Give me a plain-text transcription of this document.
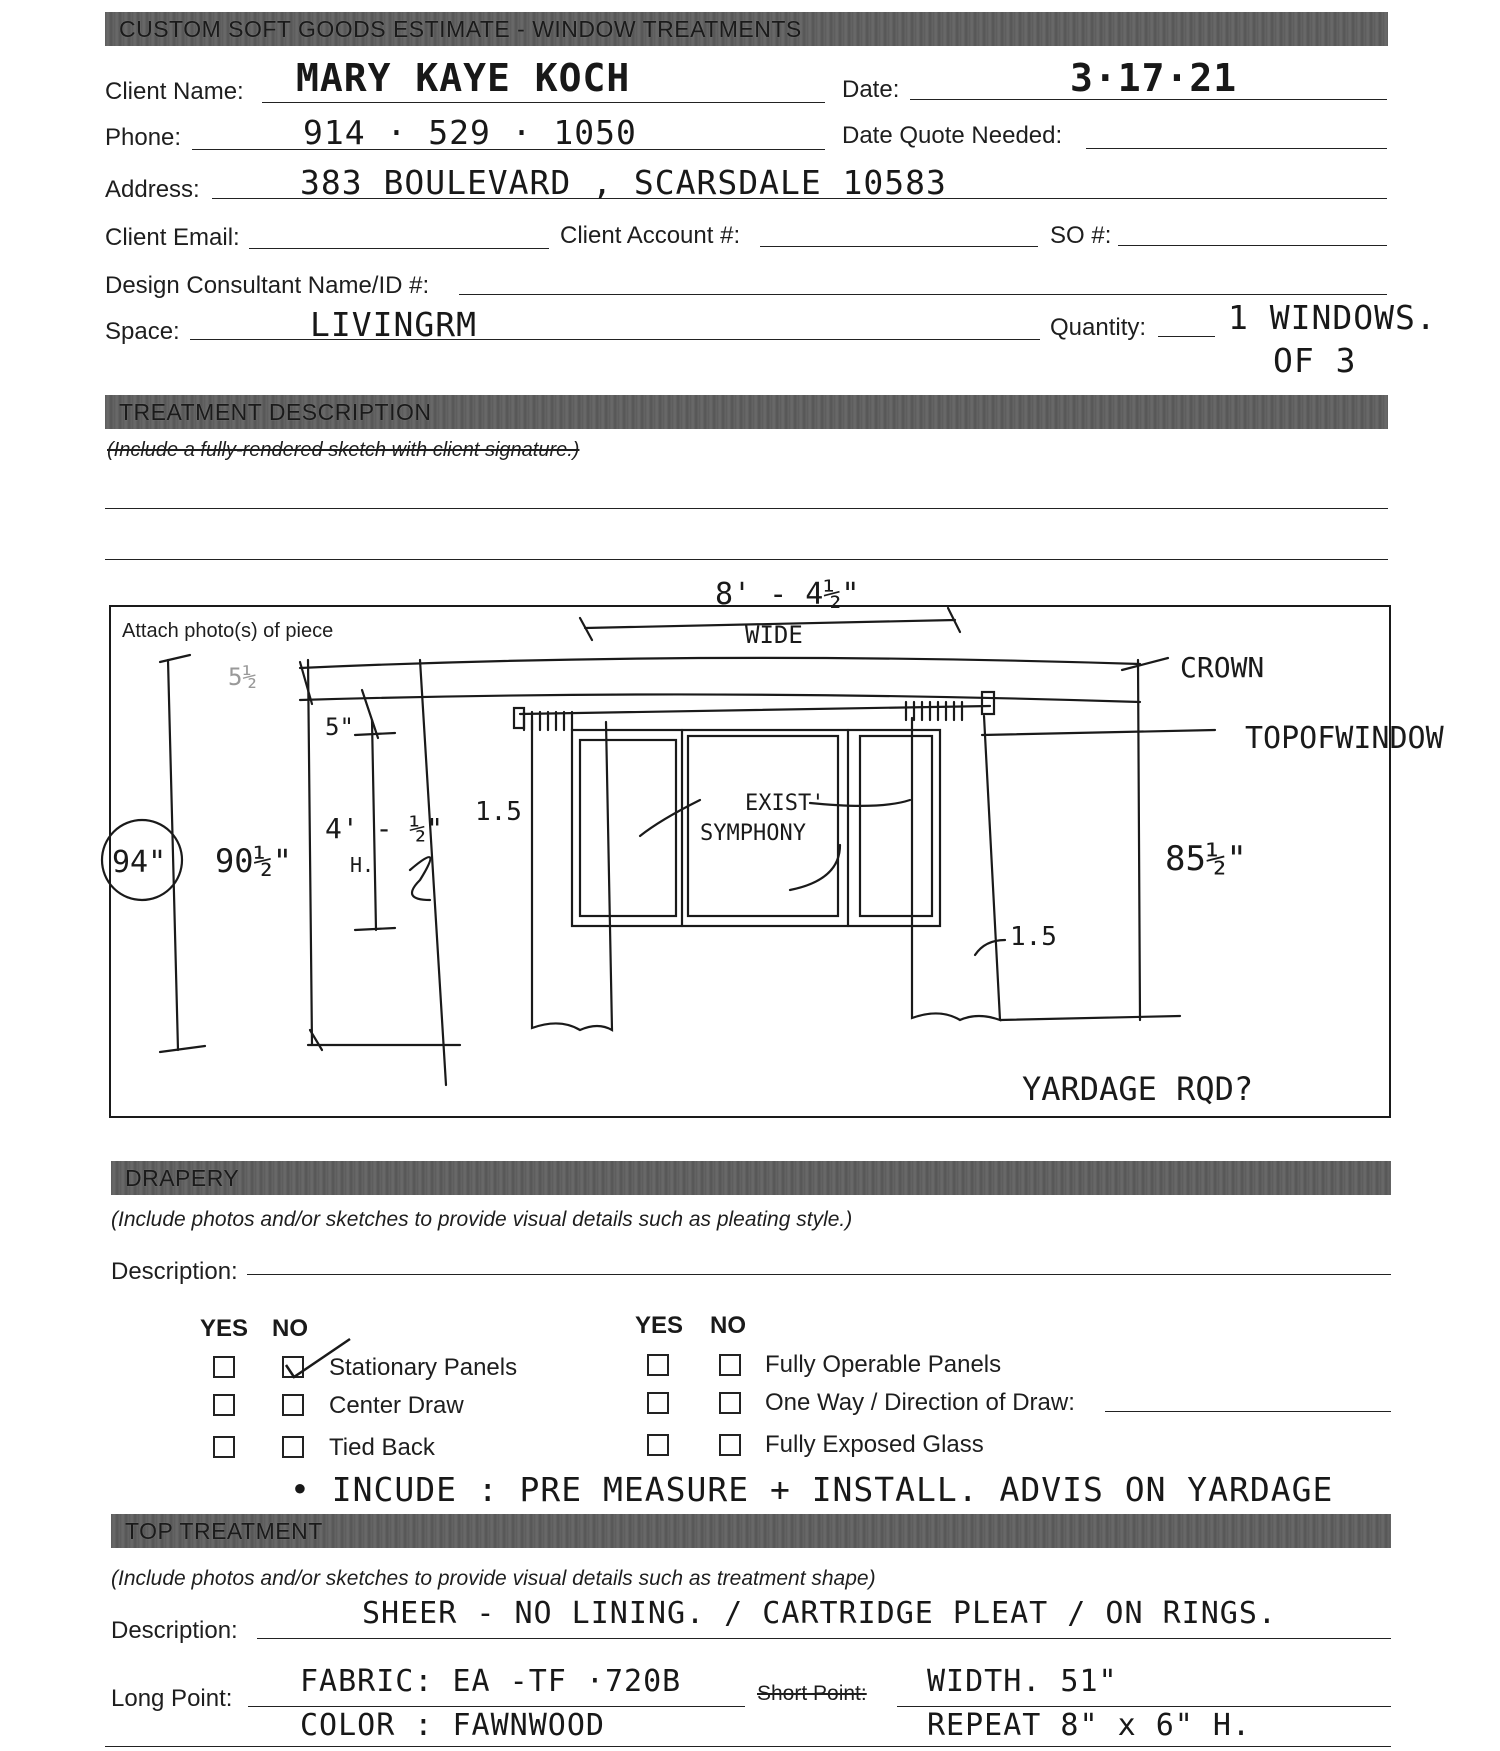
CUSTOM SOFT GOODS ESTIMATE - WINDOW TREATMENTS
Client Name: MARY KAYE KOCH	Date:	3·17·21
Phone:	914 · 529 · 1050	Date Quote Needed:
Address:	383 BOULEVARD , SCARSDALE 10583
Client Email:	Client Account #:	SO #:
Design Consultant Name/ID #:
Space:	LIVINGRM	Quantity: 1 WINDOWS.
OF 3
TREATMENT DESCRIPTION
(Include a fully-rendered sketch with client signature.)
Attach photo(s) of piece
8' - 4½"
WIDE
CROWN
TOPOFWINDOW
94" 90½"
5½
5"
4' - ½"
H.
1.5
1.5
85½"
EXIST'
SYMPHONY
YARDAGE RQD?
DRAPERY
(Include photos and/or sketches to provide visual details such as pleating style.)
Description:
YES NO	YES NO
Stationary Panels
Center Draw
Tied Back
Fully Operable Panels
One Way / Direction of Draw:
Fully Exposed Glass
• INCUDE : PRE MEASURE + INSTALL. ADVIS ON YARDAGE
TOP TREATMENT
(Include photos and/or sketches to provide visual details such as treatment shape)
Description:	SHEER - NO LINING. / CARTRIDGE PLEAT / ON RINGS.
Long Point: FABRIC: EA -TF ·720B
COLOR : FAWNWOOD
Short Point: WIDTH. 51"
REPEAT 8" x 6" H.
